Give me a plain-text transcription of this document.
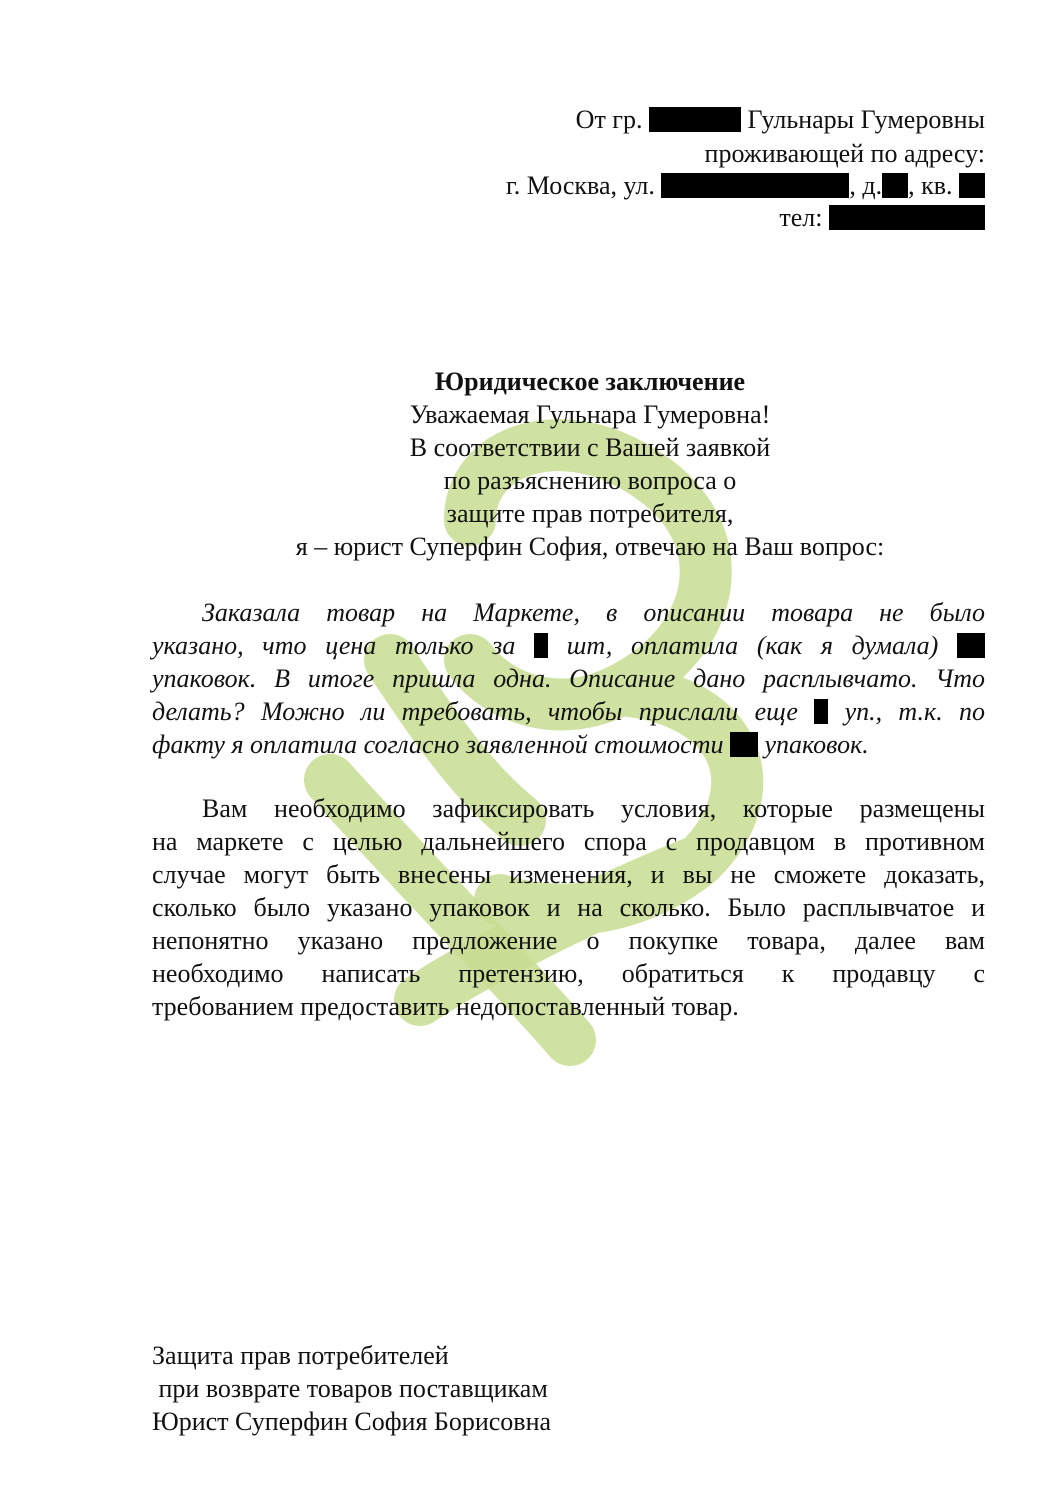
От гр.	Гульнары Гумеровны
проживающей по адресу:
г. Москва, ул.	, д. , кв.
тел:
Юридическое заключение
Уважаемая Гульнара Гумеровна!
В соответствии с Вашей заявкой
по разъяснению вопроса о
защите прав потребителя,
я – юрист Суперфин София, отвечаю на Ваш вопрос:
Заказала товар на Маркете, в описании товара не было
указано, что цена только за шт, оплатила (как я думала)
упаковок. В итоге пришла одна. Описание дано расплывчато. Что
делать? Можно ли требовать, чтобы прислали еще уп., т.к. по
факту я оплатила согласно заявленной стоимости упаковок.
Вам необходимо зафиксировать условия, которые размещены
на маркете с целью дальнейшего спора с продавцом в противном
случае могут быть внесены изменения, и вы не сможете доказать,
сколько было указано упаковок и на сколько. Было расплывчатое и
непонятно указано предложение о покупке товара, далее вам
необходимо написать претензию, обратиться к продавцу с
требованием предоставить недопоставленный товар.
Защита прав потребителей
при возврате товаров поставщикам
Юрист Суперфин София Борисовна
